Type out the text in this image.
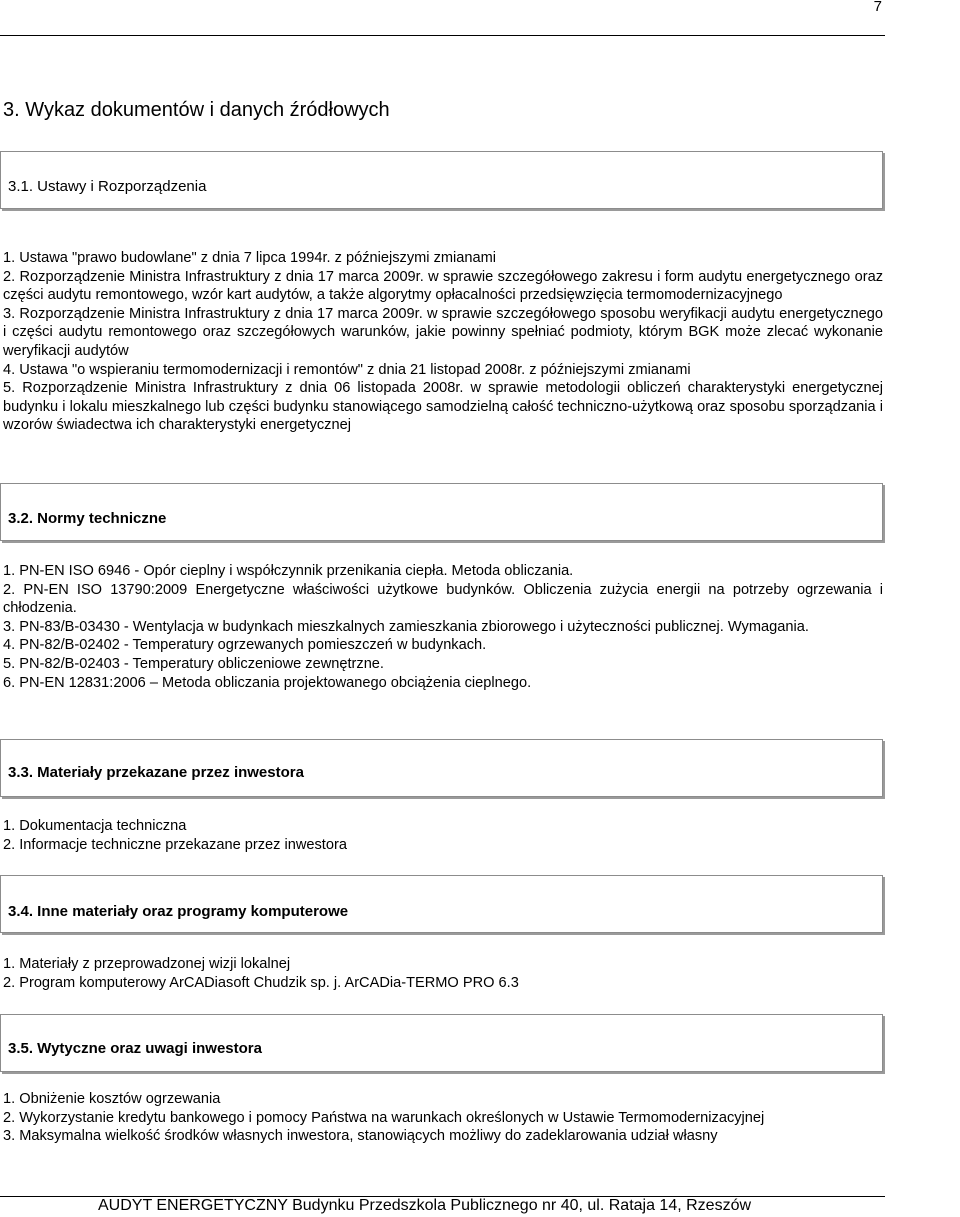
7
3. Wykaz dokumentów i danych źródłowych
3.1. Ustawy i Rozporządzenia
1. Ustawa "prawo budowlane" z dnia 7 lipca 1994r. z późniejszymi zmianami
2. Rozporządzenie Ministra Infrastruktury z dnia 17 marca 2009r. w sprawie szczegółowego zakresu i form audytu energetycznego oraz części audytu remontowego, wzór kart audytów, a także algorytmy opłacalności przedsięwzięcia termomodernizacyjnego
3. Rozporządzenie Ministra Infrastruktury z dnia 17 marca 2009r. w sprawie szczegółowego sposobu weryfikacji audytu energetycznego i części audytu remontowego oraz szczegółowych warunków, jakie powinny spełniać podmioty, którym BGK może zlecać wykonanie weryfikacji audytów
4. Ustawa "o wspieraniu termomodernizacji i remontów" z dnia 21 listopad 2008r. z późniejszymi zmianami
5. Rozporządzenie Ministra Infrastruktury z dnia 06 listopada 2008r. w sprawie metodologii obliczeń charakterystyki energetycznej budynku i lokalu mieszkalnego lub części budynku stanowiącego samodzielną całość techniczno-użytkową oraz sposobu sporządzania i wzorów świadectwa ich charakterystyki energetycznej
3.2. Normy techniczne
1. PN-EN ISO 6946 - Opór cieplny i współczynnik przenikania ciepła. Metoda obliczania.
2. PN-EN ISO 13790:2009 Energetyczne właściwości użytkowe budynków. Obliczenia zużycia energii na potrzeby ogrzewania i chłodzenia.
3. PN-83/B-03430 - Wentylacja w budynkach mieszkalnych zamieszkania zbiorowego i użyteczności publicznej. Wymagania.
4. PN-82/B-02402 - Temperatury ogrzewanych pomieszczeń w budynkach.
5. PN-82/B-02403 - Temperatury obliczeniowe zewnętrzne.
6. PN-EN 12831:2006 – Metoda obliczania projektowanego obciążenia cieplnego.
3.3. Materiały przekazane przez inwestora
1. Dokumentacja techniczna
2. Informacje techniczne przekazane przez inwestora
3.4. Inne materiały oraz programy komputerowe
1. Materiały z przeprowadzonej wizji lokalnej
2. Program komputerowy ArCADiasoft Chudzik sp. j. ArCADia-TERMO PRO 6.3
3.5. Wytyczne oraz uwagi inwestora
1. Obniżenie kosztów ogrzewania
2. Wykorzystanie kredytu bankowego i pomocy Państwa na warunkach określonych w Ustawie Termomodernizacyjnej
3. Maksymalna wielkość środków własnych inwestora, stanowiących możliwy do zadeklarowania udział własny
AUDYT ENERGETYCZNY Budynku Przedszkola Publicznego nr 40, ul. Rataja 14, Rzeszów
